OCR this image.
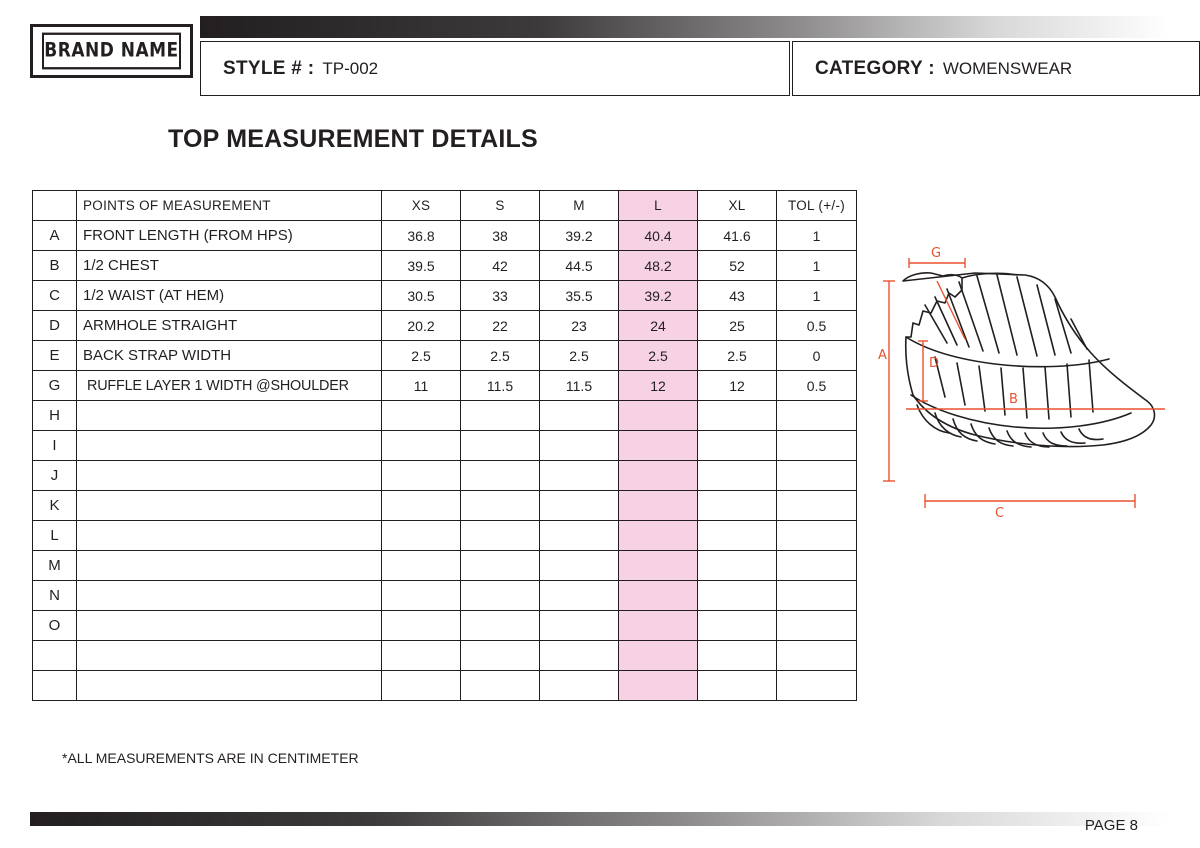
BRAND NAME
STYLE # : TP-002	CATEGORY : WOMENSWEAR
TOP MEASUREMENT DETAILS
	POINTS OF MEASUREMENT	XS	S	M	L	XL	TOL (+/-)
A	FRONT LENGTH (FROM HPS)	36.8	38	39.2	40.4	41.6	1
B	1/2 CHEST	39.5	42	44.5	48.2	52	1
C	1/2 WAIST (AT HEM)	30.5	33	35.5	39.2	43	1
D	ARMHOLE STRAIGHT	20.2	22	23	24	25	0.5
E	BACK STRAP WIDTH	2.5	2.5	2.5	2.5	2.5	0
G	RUFFLE LAYER 1 WIDTH @SHOULDER	11	11.5	11.5	12	12	0.5
H							
I							
J							
K							
L							
M							
N							
O							

*ALL MEASUREMENTS ARE IN CENTIMETER
A
D
G
B
C
PAGE 8
